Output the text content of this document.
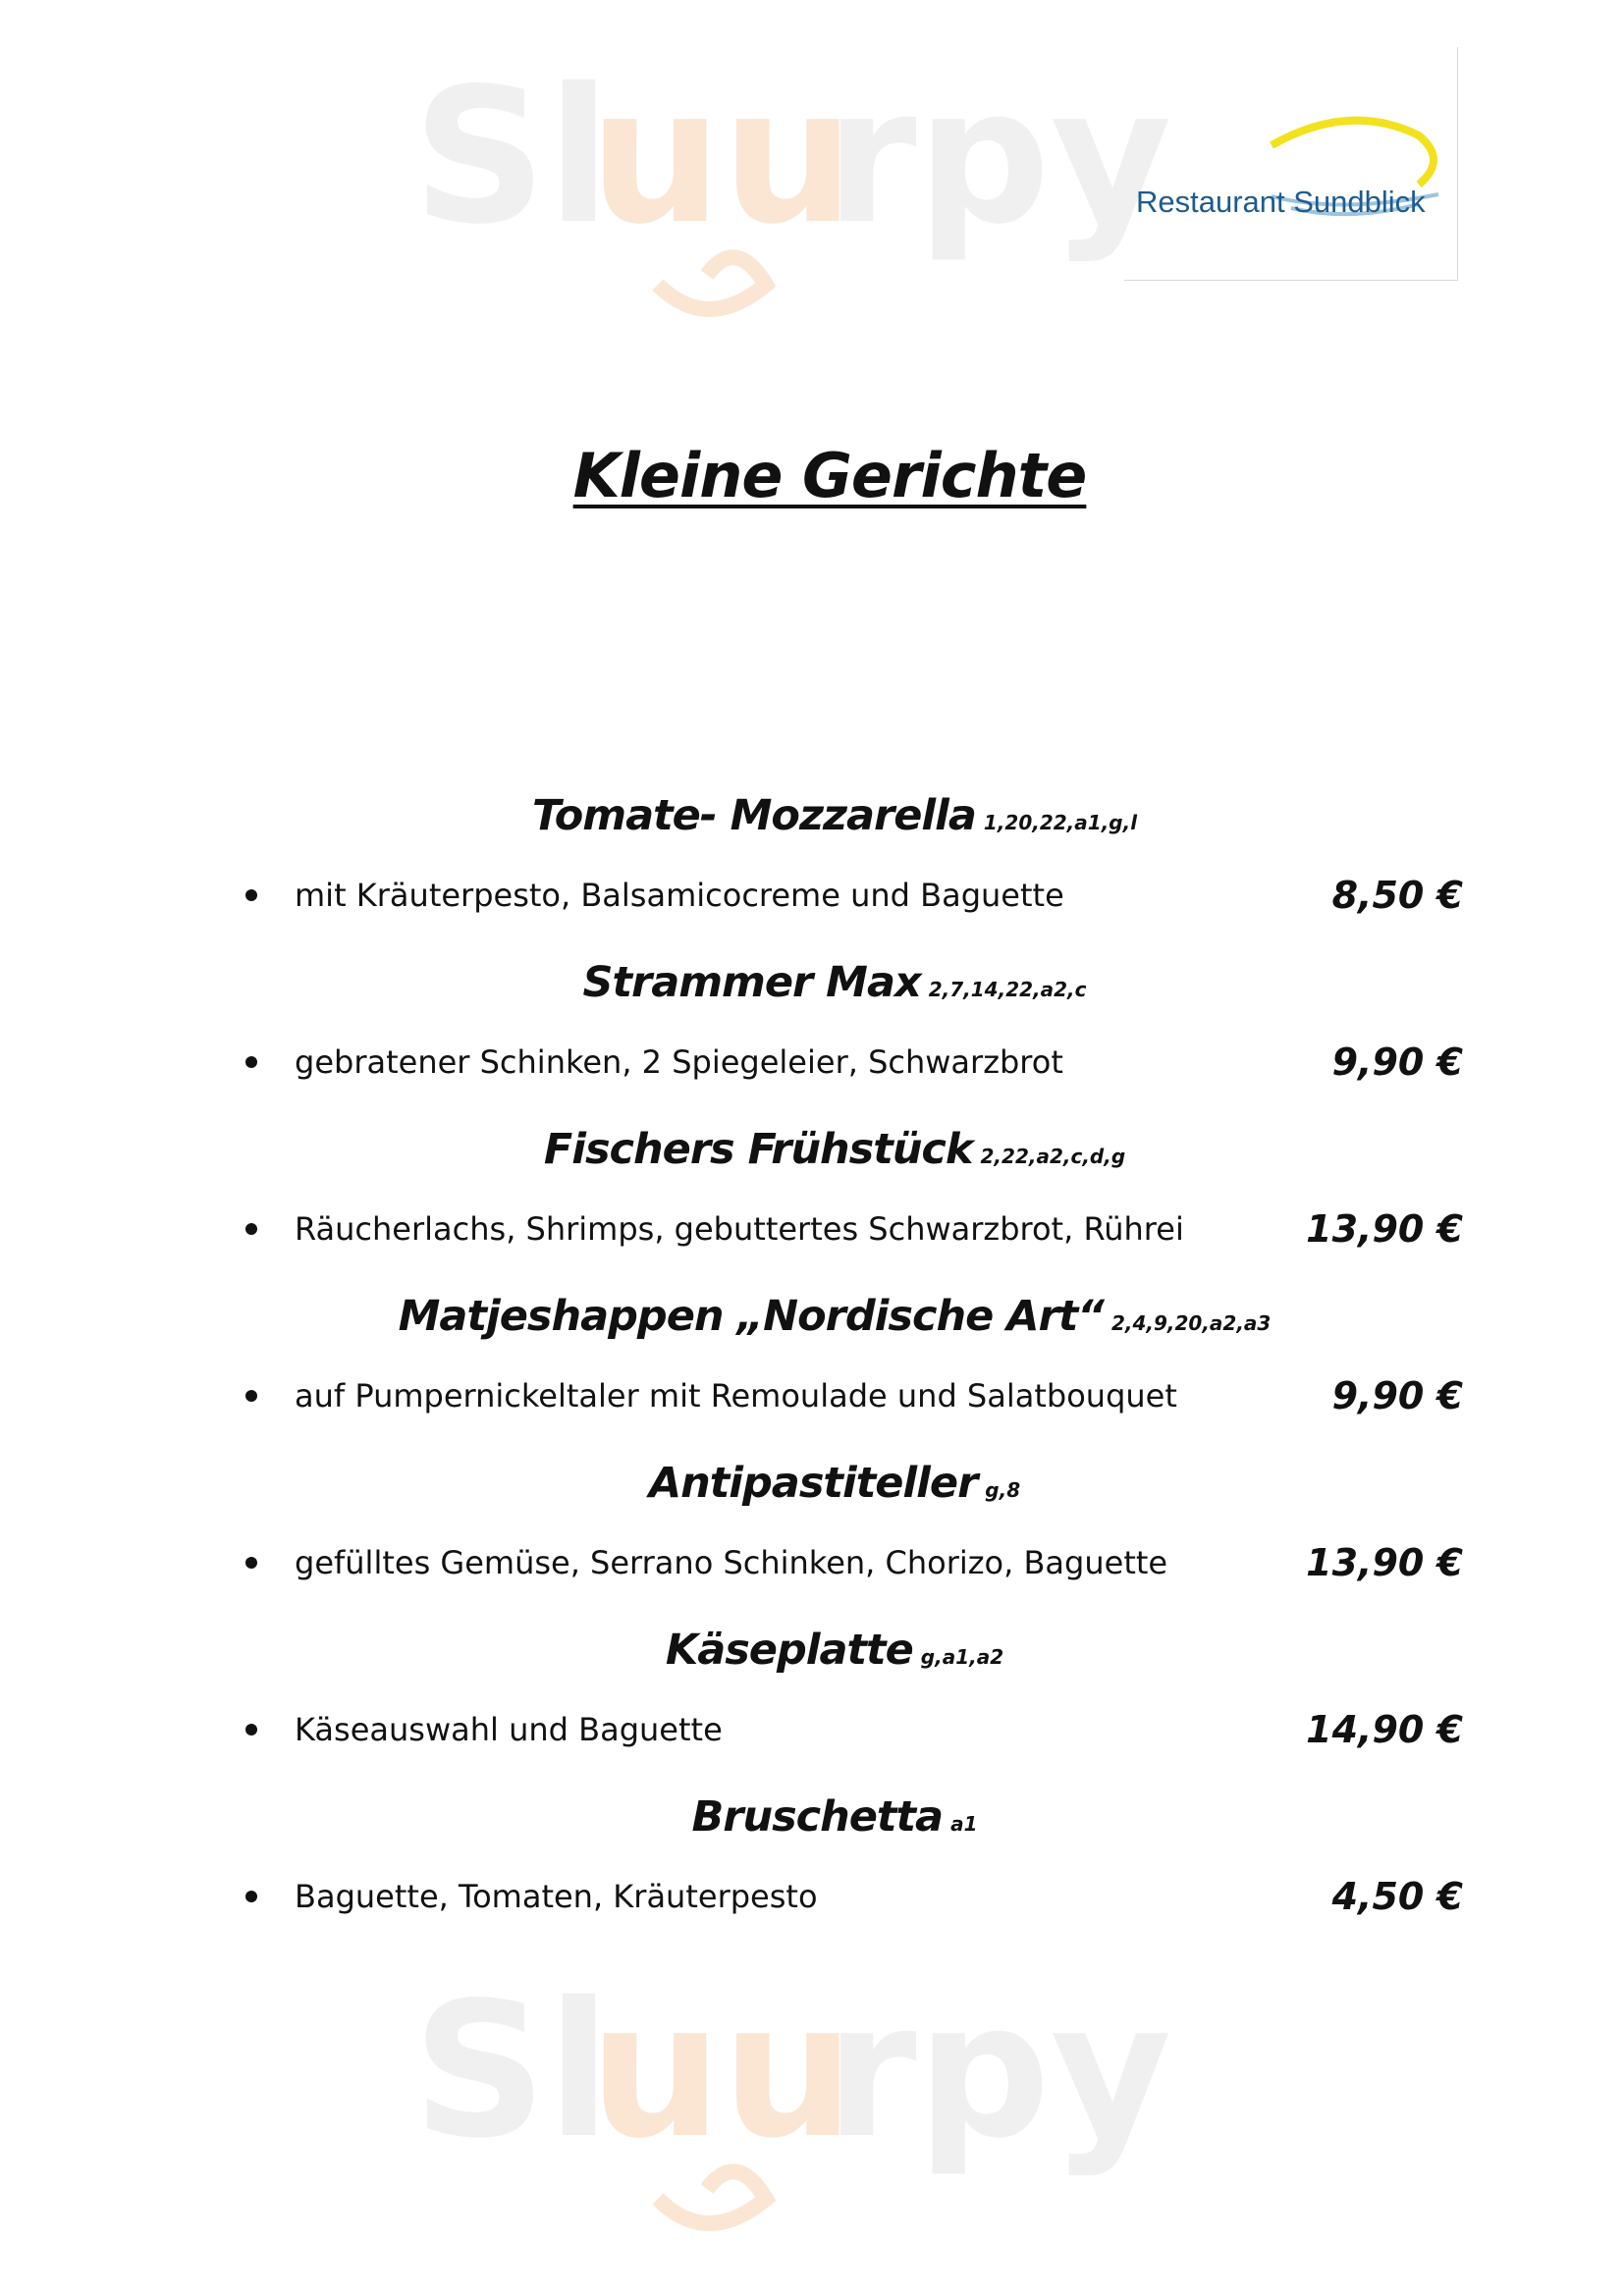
Sl
uu
rpy
Sl
uu
rpy
Restaurant Sundblick
Kleine Gerichte
Tomate- Mozzarella 1,20,22,a1,g,l
mit Kräuterpesto, Balsamicocreme und Baguette	8,50 €
Strammer Max 2,7,14,22,a2,c
gebratener Schinken, 2 Spiegeleier, Schwarzbrot	9,90 €
Fischers Frühstück 2,22,a2,c,d,g
Räucherlachs, Shrimps, gebuttertes Schwarzbrot, Rührei	13,90 €
Matjeshappen „Nordische Art“ 2,4,9,20,a2,a3
auf Pumpernickeltaler mit Remoulade und Salatbouquet	9,90 €
Antipastiteller g,8
gefülltes Gemüse, Serrano Schinken, Chorizo, Baguette	13,90 €
Käseplatte g,a1,a2
Käseauswahl und Baguette	14,90 €
Bruschetta a1
Baguette, Tomaten, Kräuterpesto	4,50 €
